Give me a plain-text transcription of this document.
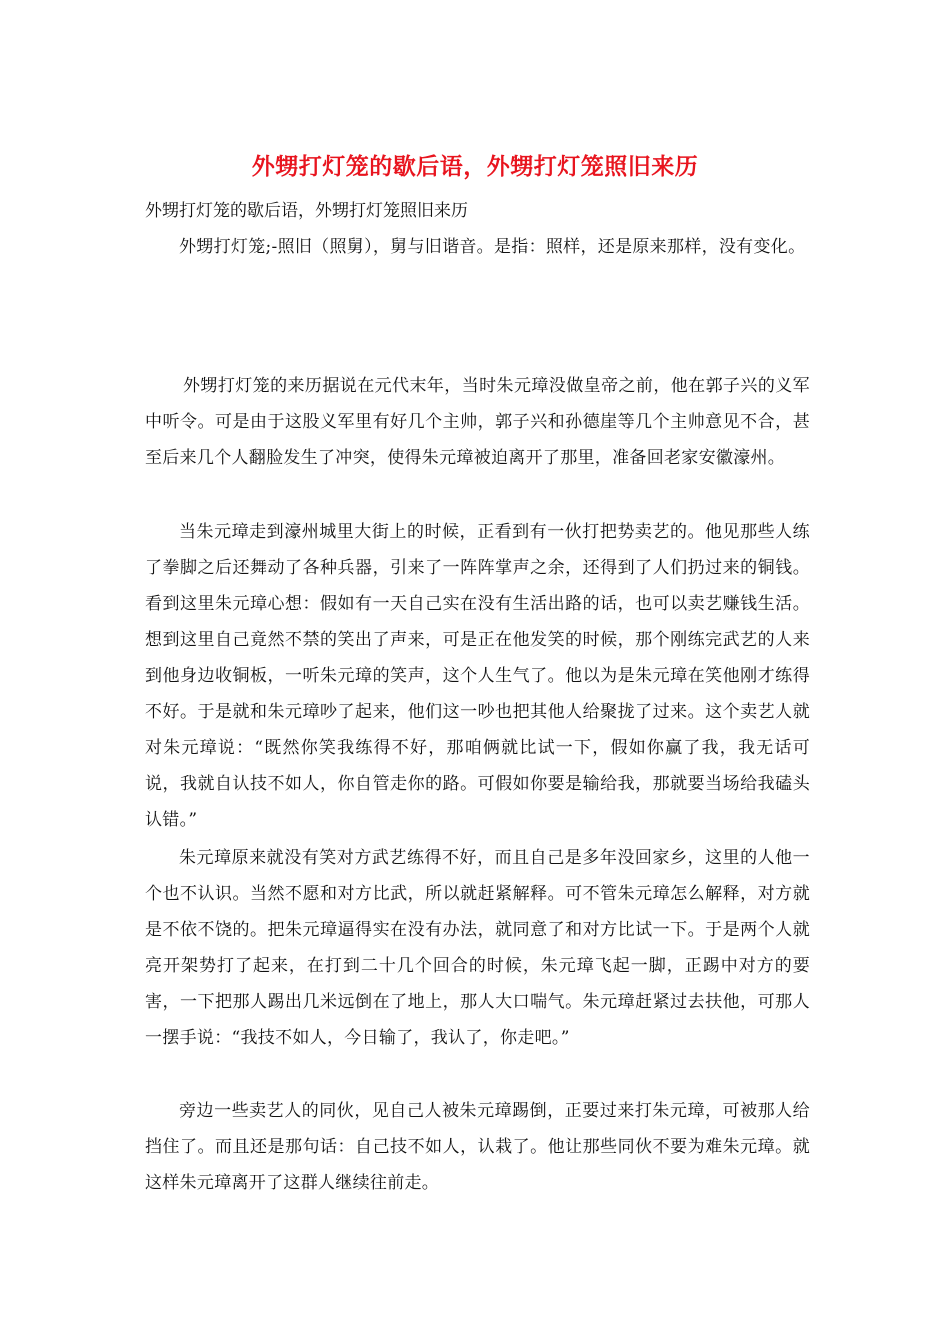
外甥打灯笼的歇后语，外甥打灯笼照旧来历

外甥打灯笼的歇后语，外甥打灯笼照旧来历

外甥打灯笼;-照旧（照舅），舅与旧谐音。是指：照样，还是原来那样，没有变化。

外甥打灯笼的来历据说在元代末年，当时朱元璋没做皇帝之前，他在郭子兴的义军中听令。可是由于这股义军里有好几个主帅，郭子兴和孙德崖等几个主帅意见不合，甚至后来几个人翻脸发生了冲突，使得朱元璋被迫离开了那里，准备回老家安徽濠州。

当朱元璋走到濠州城里大街上的时候，正看到有一伙打把势卖艺的。他见那些人练了拳脚之后还舞动了各种兵器，引来了一阵阵掌声之余，还得到了人们扔过来的铜钱。看到这里朱元璋心想：假如有一天自己实在没有生活出路的话，也可以卖艺赚钱生活。想到这里自己竟然不禁的笑出了声来，可是正在他发笑的时候，那个刚练完武艺的人来到他身边收铜板，一听朱元璋的笑声，这个人生气了。他以为是朱元璋在笑他刚才练得不好。于是就和朱元璋吵了起来，他们这一吵也把其他人给聚拢了过来。这个卖艺人就对朱元璋说：“既然你笑我练得不好，那咱俩就比试一下，假如你赢了我，我无话可说，我就自认技不如人，你自管走你的路。可假如你要是输给我，那就要当场给我磕头认错。”

朱元璋原来就没有笑对方武艺练得不好，而且自己是多年没回家乡，这里的人他一个也不认识。当然不愿和对方比武，所以就赶紧解释。可不管朱元璋怎么解释，对方就是不依不饶的。把朱元璋逼得实在没有办法，就同意了和对方比试一下。于是两个人就亮开架势打了起来，在打到二十几个回合的时候，朱元璋飞起一脚，正踢中对方的要害，一下把那人踢出几米远倒在了地上，那人大口喘气。朱元璋赶紧过去扶他，可那人一摆手说：“我技不如人，今日输了，我认了，你走吧。”

旁边一些卖艺人的同伙，见自己人被朱元璋踢倒，正要过来打朱元璋，可被那人给挡住了。而且还是那句话：自己技不如人，认栽了。他让那些同伙不要为难朱元璋。就这样朱元璋离开了这群人继续往前走。
